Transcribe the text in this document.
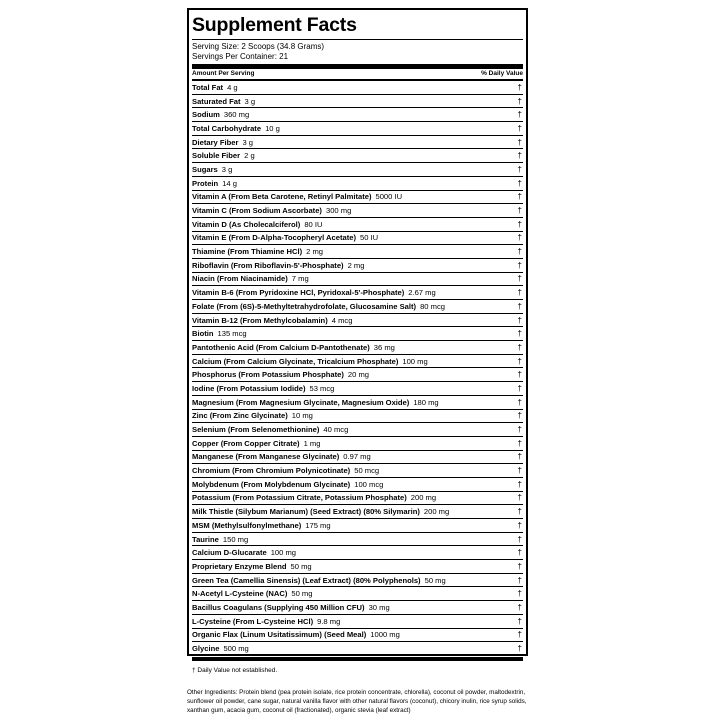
Supplement Facts
Serving Size: 2 Scoops (34.8 Grams)
Servings Per Container: 21
Amount Per Serving	% Daily Value
Total Fat 4 g	†
Saturated Fat 3 g	†
Sodium 360 mg	†
Total Carbohydrate 10 g	†
Dietary Fiber 3 g	†
Soluble Fiber 2 g	†
Sugars 3 g	†
Protein 14 g	†
Vitamin A (From Beta Carotene, Retinyl Palmitate) 5000 IU	†
Vitamin C (From Sodium Ascorbate) 300 mg	†
Vitamin D (As Cholecalciferol) 80 IU	†
Vitamin E (From D-Alpha-Tocopheryl Acetate) 50 IU	†
Thiamine (From Thiamine HCl) 2 mg	†
Riboflavin (From Riboflavin-5'-Phosphate) 2 mg	†
Niacin (From Niacinamide) 7 mg	†
Vitamin B-6 (From Pyridoxine HCl, Pyridoxal-5'-Phosphate) 2.67 mg	†
Folate (From (6S)-5-Methyltetrahydrofolate, Glucosamine Salt) 80 mcg	†
Vitamin B-12 (From Methylcobalamin) 4 mcg	†
Biotin 135 mcg	†
Pantothenic Acid (From Calcium D-Pantothenate) 36 mg	†
Calcium (From Calcium Glycinate, Tricalcium Phosphate) 100 mg	†
Phosphorus (From Potassium Phosphate) 20 mg	†
Iodine (From Potassium Iodide) 53 mcg	†
Magnesium (From Magnesium Glycinate, Magnesium Oxide) 180 mg	†
Zinc (From Zinc Glycinate) 10 mg	†
Selenium (From Selenomethionine) 40 mcg	†
Copper (From Copper Citrate) 1 mg	†
Manganese (From Manganese Glycinate) 0.97 mg	†
Chromium (From Chromium Polynicotinate) 50 mcg	†
Molybdenum (From Molybdenum Glycinate) 100 mcg	†
Potassium (From Potassium Citrate, Potassium Phosphate) 200 mg	†
Milk Thistle (Silybum Marianum) (Seed Extract) (80% Silymarin) 200 mg	†
MSM (Methylsulfonylmethane) 175 mg	†
Taurine 150 mg	†
Calcium D-Glucarate 100 mg	†
Proprietary Enzyme Blend 50 mg	†
Green Tea (Camellia Sinensis) (Leaf Extract) (80% Polyphenols) 50 mg	†
N-Acetyl L-Cysteine (NAC) 50 mg	†
Bacillus Coagulans (Supplying 450 Million CFU) 30 mg	†
L-Cysteine (From L-Cysteine HCl) 9.8 mg	†
Organic Flax (Linum Usitatissimum) (Seed Meal) 1000 mg	†
Glycine 500 mg	†
† Daily Value not established.
Other Ingredients: Protein blend (pea protein isolate, rice protein concentrate, chlorella), coconut oil powder, maltodextrin, sunflower oil powder, cane sugar, natural vanilla flavor with other natural flavors (coconut), chicory inulin, rice syrup solids, xanthan gum, acacia gum, coconut oil (fractionated), organic stevia (leaf extract)
